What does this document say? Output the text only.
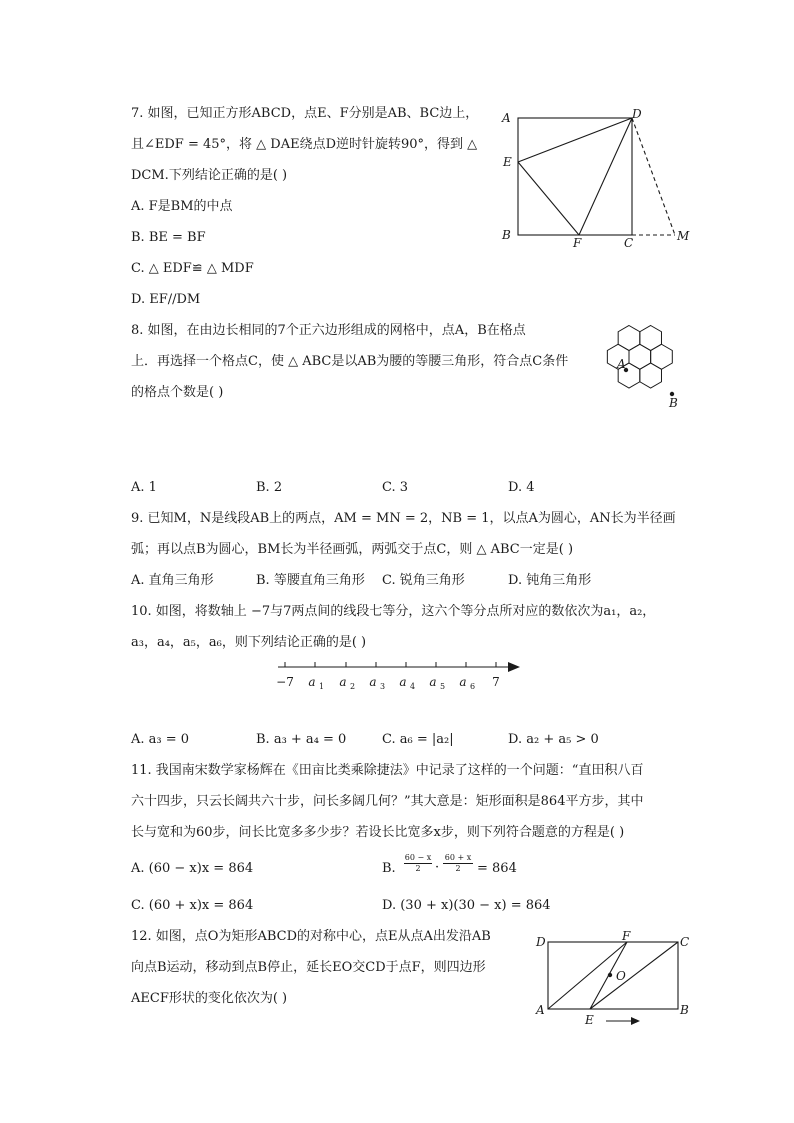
7. 如图，已知正方形ABCD，点E、F分别是AB、BC边上，
且∠EDF = 45°，将 △ DAE绕点D逆时针旋转90°，得到 △
DCM.下列结论正确的是( )
A. F是BM的中点
B. BE = BF
C. △ EDF≌ △ MDF
D. EF//DM
A	D
E
B
F	C	M
8. 如图，在由边长相同的7个正六边形组成的网格中，点A，B在格点
上．再选择一个格点C，使 △ ABC是以AB为腰的等腰三角形，符合点C条件
的格点个数是( )
A
B
A. 1	B. 2	C. 3	D. 4
9. 已知M，N是线段AB上的两点，AM = MN = 2，NB = 1，以点A为圆心，AN长为半径画
弧；再以点B为圆心，BM长为半径画弧，两弧交于点C，则 △ ABC一定是( )
A. 直角三角形	B. 等腰直角三角形 C. 锐角三角形	D. 钝角三角形
10. 如图，将数轴上 −7与7两点间的线段七等分，这六个等分点所对应的数依次为a₁，a₂，
a₃，a₄，a₅，a₆，则下列结论正确的是( )
−7 a 1 a 2 a 3 a 4 a 5 a 6 7
A. a₃ = 0	B. a₃ + a₄ = 0	C. a₆ = |a₂|	D. a₂ + a₅ > 0
11. 我国南宋数学家杨辉在《田亩比类乘除捷法》中记录了这样的一个问题：“直田积八百
六十四步，只云长阔共六十步，问长多阔几何？”其大意是：矩形面积是864平方步，其中
长与宽和为60步，问长比宽多多少步？若设长比宽多x步，则下列符合题意的方程是( )
A. (60 − x)x = 864	B. $\frac{60 - x}{2} \cdot \frac{60 + x}{2} = 864$
C. (60 + x)x = 864	D. (30 + x)(30 − x) = 864
12. 如图，点O为矩形ABCD的对称中心，点E从点A出发沿AB
向点B运动，移动到点B停止，延长EO交CD于点F，则四边形
AECF形状的变化依次为( )
D	F	C
O
A
E
B
